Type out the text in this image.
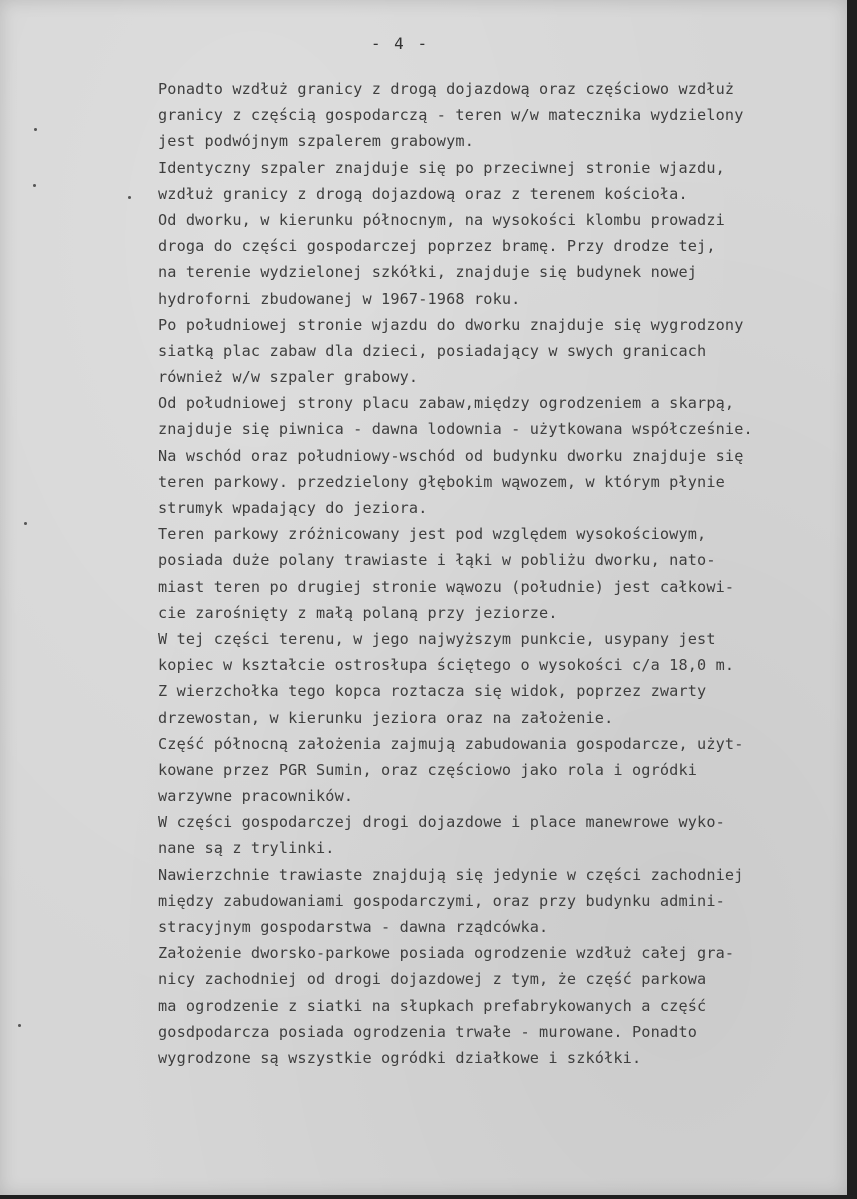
- 4 -
Ponadto wzdłuż granicy z drogą dojazdową oraz częściowo wzdłuż
granicy z częścią gospodarczą - teren w/w matecznika wydzielony
jest podwójnym szpalerem grabowym.
Identyczny szpaler znajduje się po przeciwnej stronie wjazdu,
wzdłuż granicy z drogą dojazdową oraz z terenem kościoła.
Od dworku, w kierunku północnym, na wysokości klombu prowadzi
droga do części gospodarczej poprzez bramę. Przy drodze tej,
na terenie wydzielonej szkółki, znajduje się budynek nowej
hydroforni zbudowanej w 1967-1968 roku.
Po południowej stronie wjazdu do dworku znajduje się wygrodzony
siatką plac zabaw dla dzieci, posiadający w swych granicach
również w/w szpaler grabowy.
Od południowej strony placu zabaw,między ogrodzeniem a skarpą,
znajduje się piwnica - dawna lodownia - użytkowana współcześnie.
Na wschód oraz południowy-wschód od budynku dworku znajduje się
teren parkowy. przedzielony głębokim wąwozem, w którym płynie
strumyk wpadający do jeziora.
Teren parkowy zróżnicowany jest pod względem wysokościowym,
posiada duże polany trawiaste i łąki w pobliżu dworku, nato-
miast teren po drugiej stronie wąwozu (południe) jest całkowi-
cie zarośnięty z małą polaną przy jeziorze.
W tej części terenu, w jego najwyższym punkcie, usypany jest
kopiec w kształcie ostrosłupa ściętego o wysokości c/a 18,0 m.
Z wierzchołka tego kopca roztacza się widok, poprzez zwarty
drzewostan, w kierunku jeziora oraz na założenie.
Część północną założenia zajmują zabudowania gospodarcze, użyt-
kowane przez PGR Sumin, oraz częściowo jako rola i ogródki
warzywne pracowników.
W części gospodarczej drogi dojazdowe i place manewrowe wyko-
nane są z trylinki.
Nawierzchnie trawiaste znajdują się jedynie w części zachodniej
między zabudowaniami gospodarczymi, oraz przy budynku admini-
stracyjnym gospodarstwa - dawna rządcówka.
Założenie dworsko-parkowe posiada ogrodzenie wzdłuż całej gra-
nicy zachodniej od drogi dojazdowej z tym, że część parkowa
ma ogrodzenie z siatki na słupkach prefabrykowanych a część
gosdpodarcza posiada ogrodzenia trwałe - murowane. Ponadto
wygrodzone są wszystkie ogródki działkowe i szkółki.
